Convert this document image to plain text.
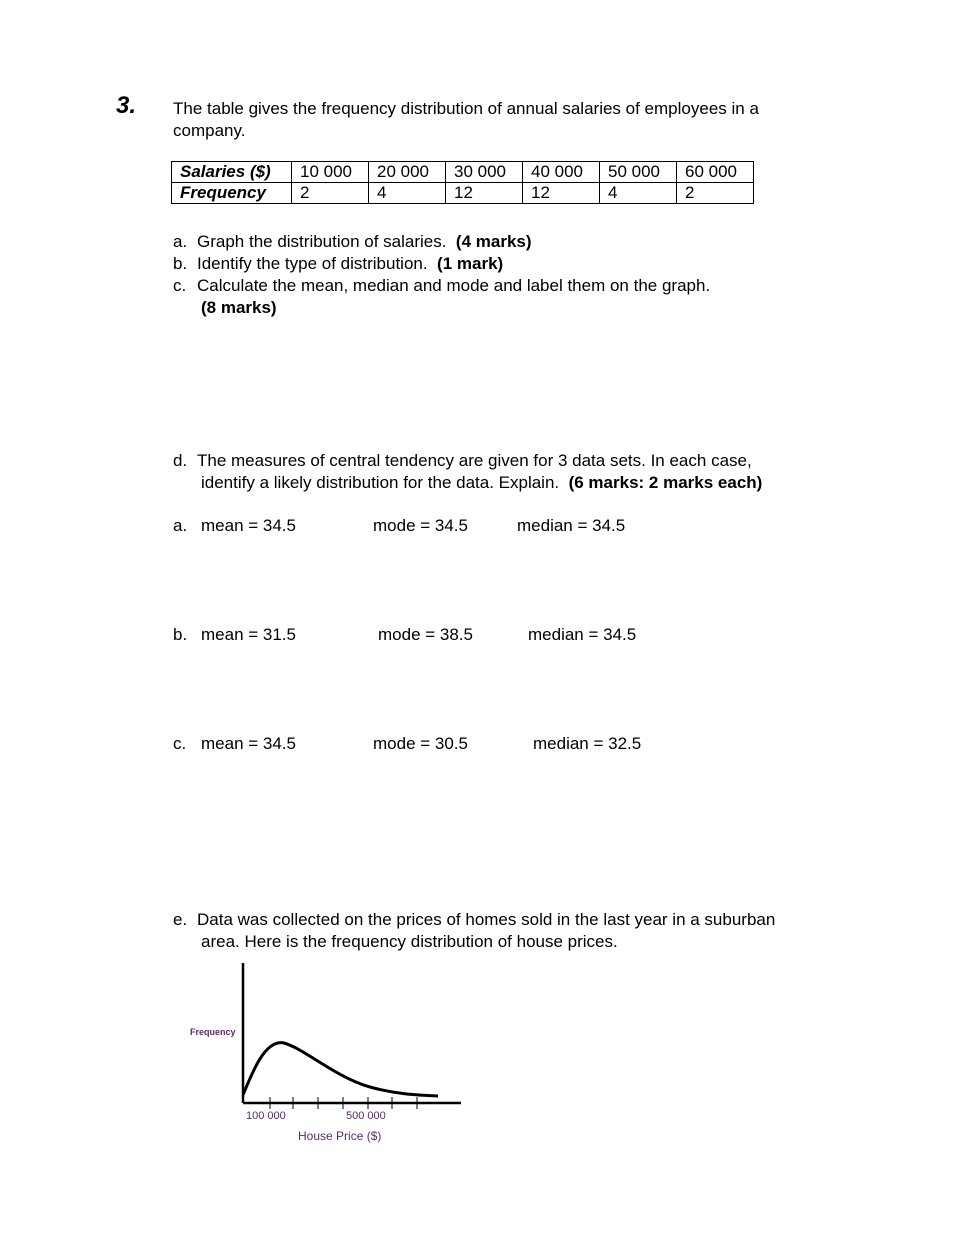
3. The table gives the frequency distribution of annual salaries of employees in a
company.
Salaries ($)	10 000	20 000	30 000	40 000	50 000	60 000
Frequency	2	4	12	12	4	2
a. Graph the distribution of salaries. (4 marks)
b. Identify the type of distribution. (1 mark)
c. Calculate the mean, median and mode and label them on the graph.
(8 marks)
d. The measures of central tendency are given for 3 data sets. In each case,
identify a likely distribution for the data. Explain. (6 marks: 2 marks each)
a. mean = 34.5	mode = 34.5	median = 34.5
b. mean = 31.5	mode = 38.5	median = 34.5
c. mean = 34.5	mode = 30.5	median = 32.5
e. Data was collected on the prices of homes sold in the last year in a suburban
area. Here is the frequency distribution of house prices.
Frequency
100 000	500 000
House Price ($)
